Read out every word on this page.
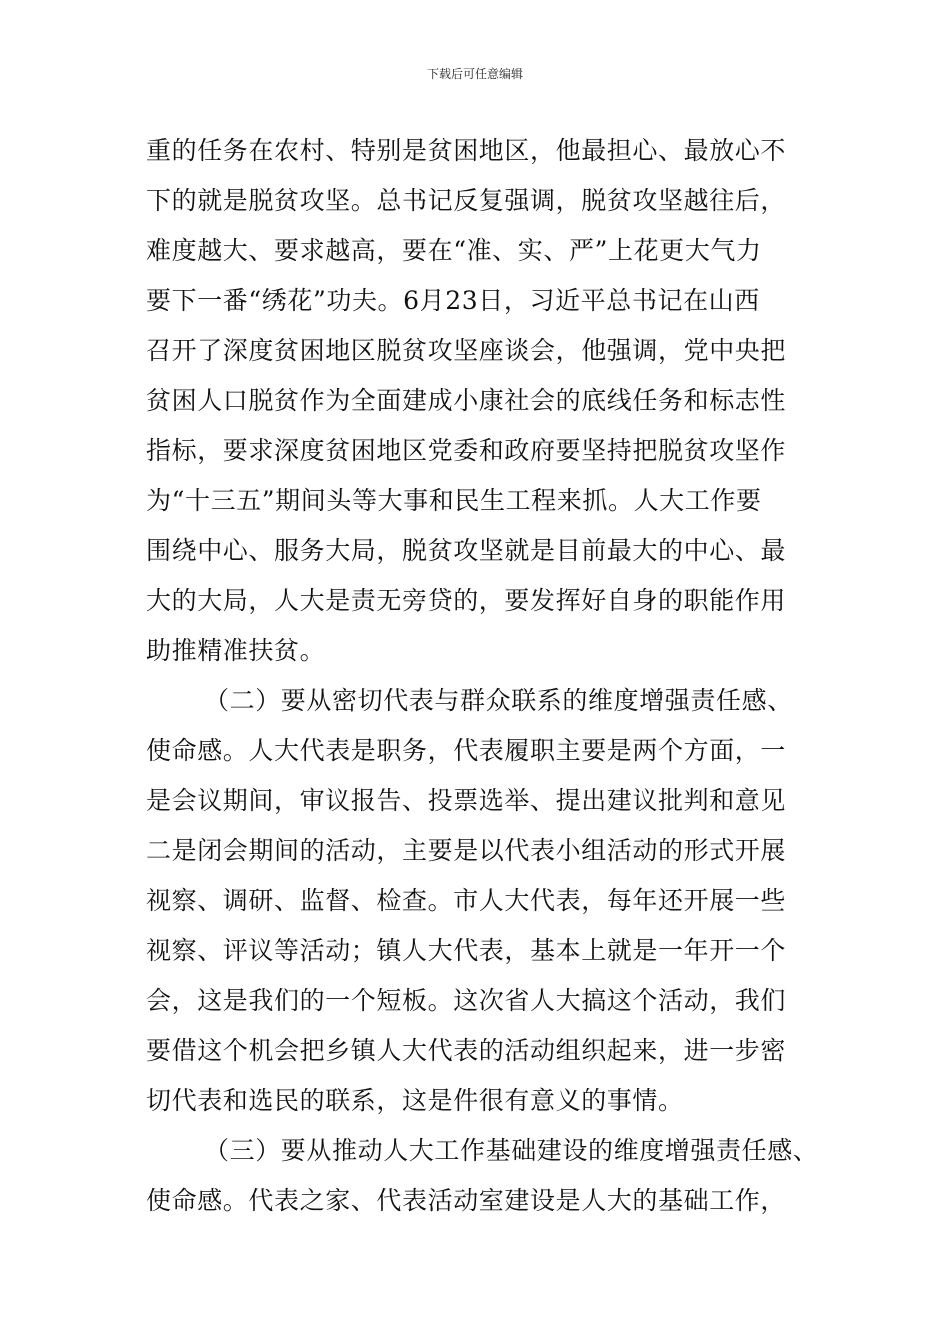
下载后可任意编辑
重的任务在农村、特别是贫困地区，他最担心、最放心不
下的就是脱贫攻坚。总书记反复强调，脱贫攻坚越往后，
难度越大、要求越高，要在“准、实、严”上花更大气力
要下一番“绣花”功夫。6月23日，习近平总书记在山西
召开了深度贫困地区脱贫攻坚座谈会，他强调，党中央把
贫困人口脱贫作为全面建成小康社会的底线任务和标志性
指标，要求深度贫困地区党委和政府要坚持把脱贫攻坚作
为“十三五”期间头等大事和民生工程来抓。人大工作要
围绕中心、服务大局，脱贫攻坚就是目前最大的中心、最
大的大局，人大是责无旁贷的，要发挥好自身的职能作用
助推精准扶贫。
（二）要从密切代表与群众联系的维度增强责任感、
使命感。人大代表是职务，代表履职主要是两个方面，一
是会议期间，审议报告、投票选举、提出建议批判和意见
二是闭会期间的活动，主要是以代表小组活动的形式开展
视察、调研、监督、检查。市人大代表，每年还开展一些
视察、评议等活动；镇人大代表，基本上就是一年开一个
会，这是我们的一个短板。这次省人大搞这个活动，我们
要借这个机会把乡镇人大代表的活动组织起来，进一步密
切代表和选民的联系，这是件很有意义的事情。
（三）要从推动人大工作基础建设的维度增强责任感、
使命感。代表之家、代表活动室建设是人大的基础工作，
